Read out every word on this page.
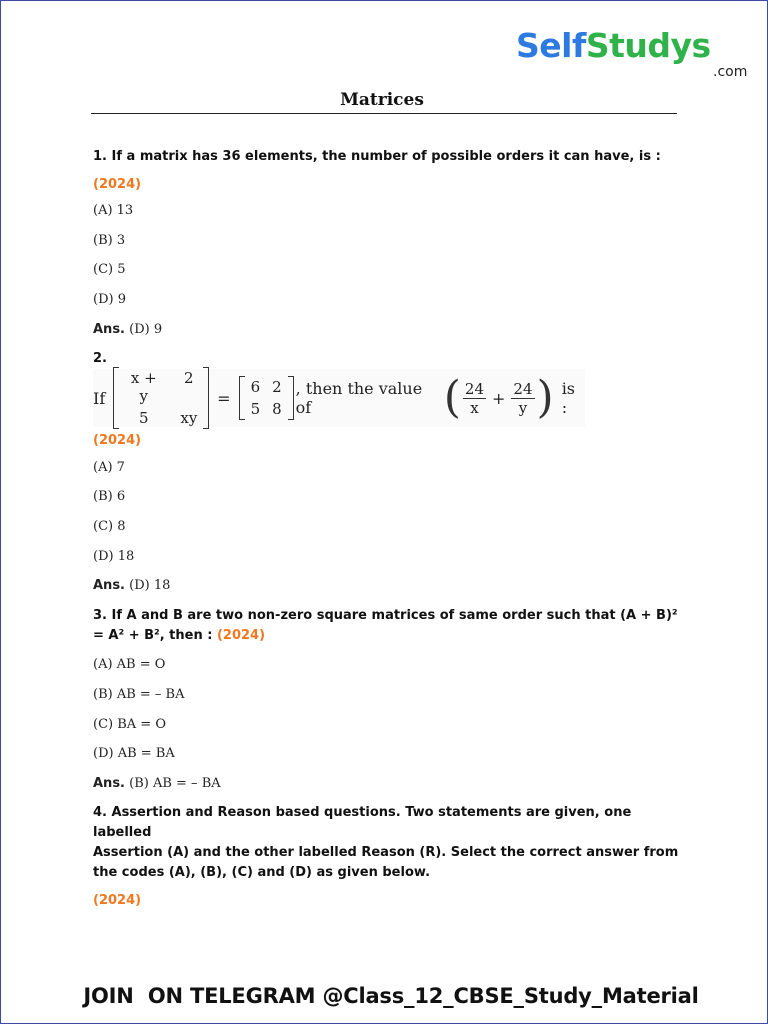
SelfStudys
.com
Matrices
1. If a matrix has 36 elements, the number of possible orders it can have, is :
(2024)
(A) 13
(B) 3
(C) 5
(D) 9
Ans. (D) 9
2.
If
x + y
2
5	xy
=
6 2
5 8
, then the value of	( $\frac{24}{x} + \frac{24}{y}$ ) is :
(2024)
(A) 7
(B) 6
(C) 8
(D) 18
Ans. (D) 18
3. If A and B are two non-zero square matrices of same order such that (A + B)²
= A² + B², then : (2024)
(A) AB = O
(B) AB = – BA
(C) BA = O
(D) AB = BA
Ans. (B) AB = – BA
4. Assertion and Reason based questions. Two statements are given, one labelled
Assertion (A) and the other labelled Reason (R). Select the correct answer from
the codes (A), (B), (C) and (D) as given below.
(2024)
JOIN  ON TELEGRAM @Class_12_CBSE_Study_Material
